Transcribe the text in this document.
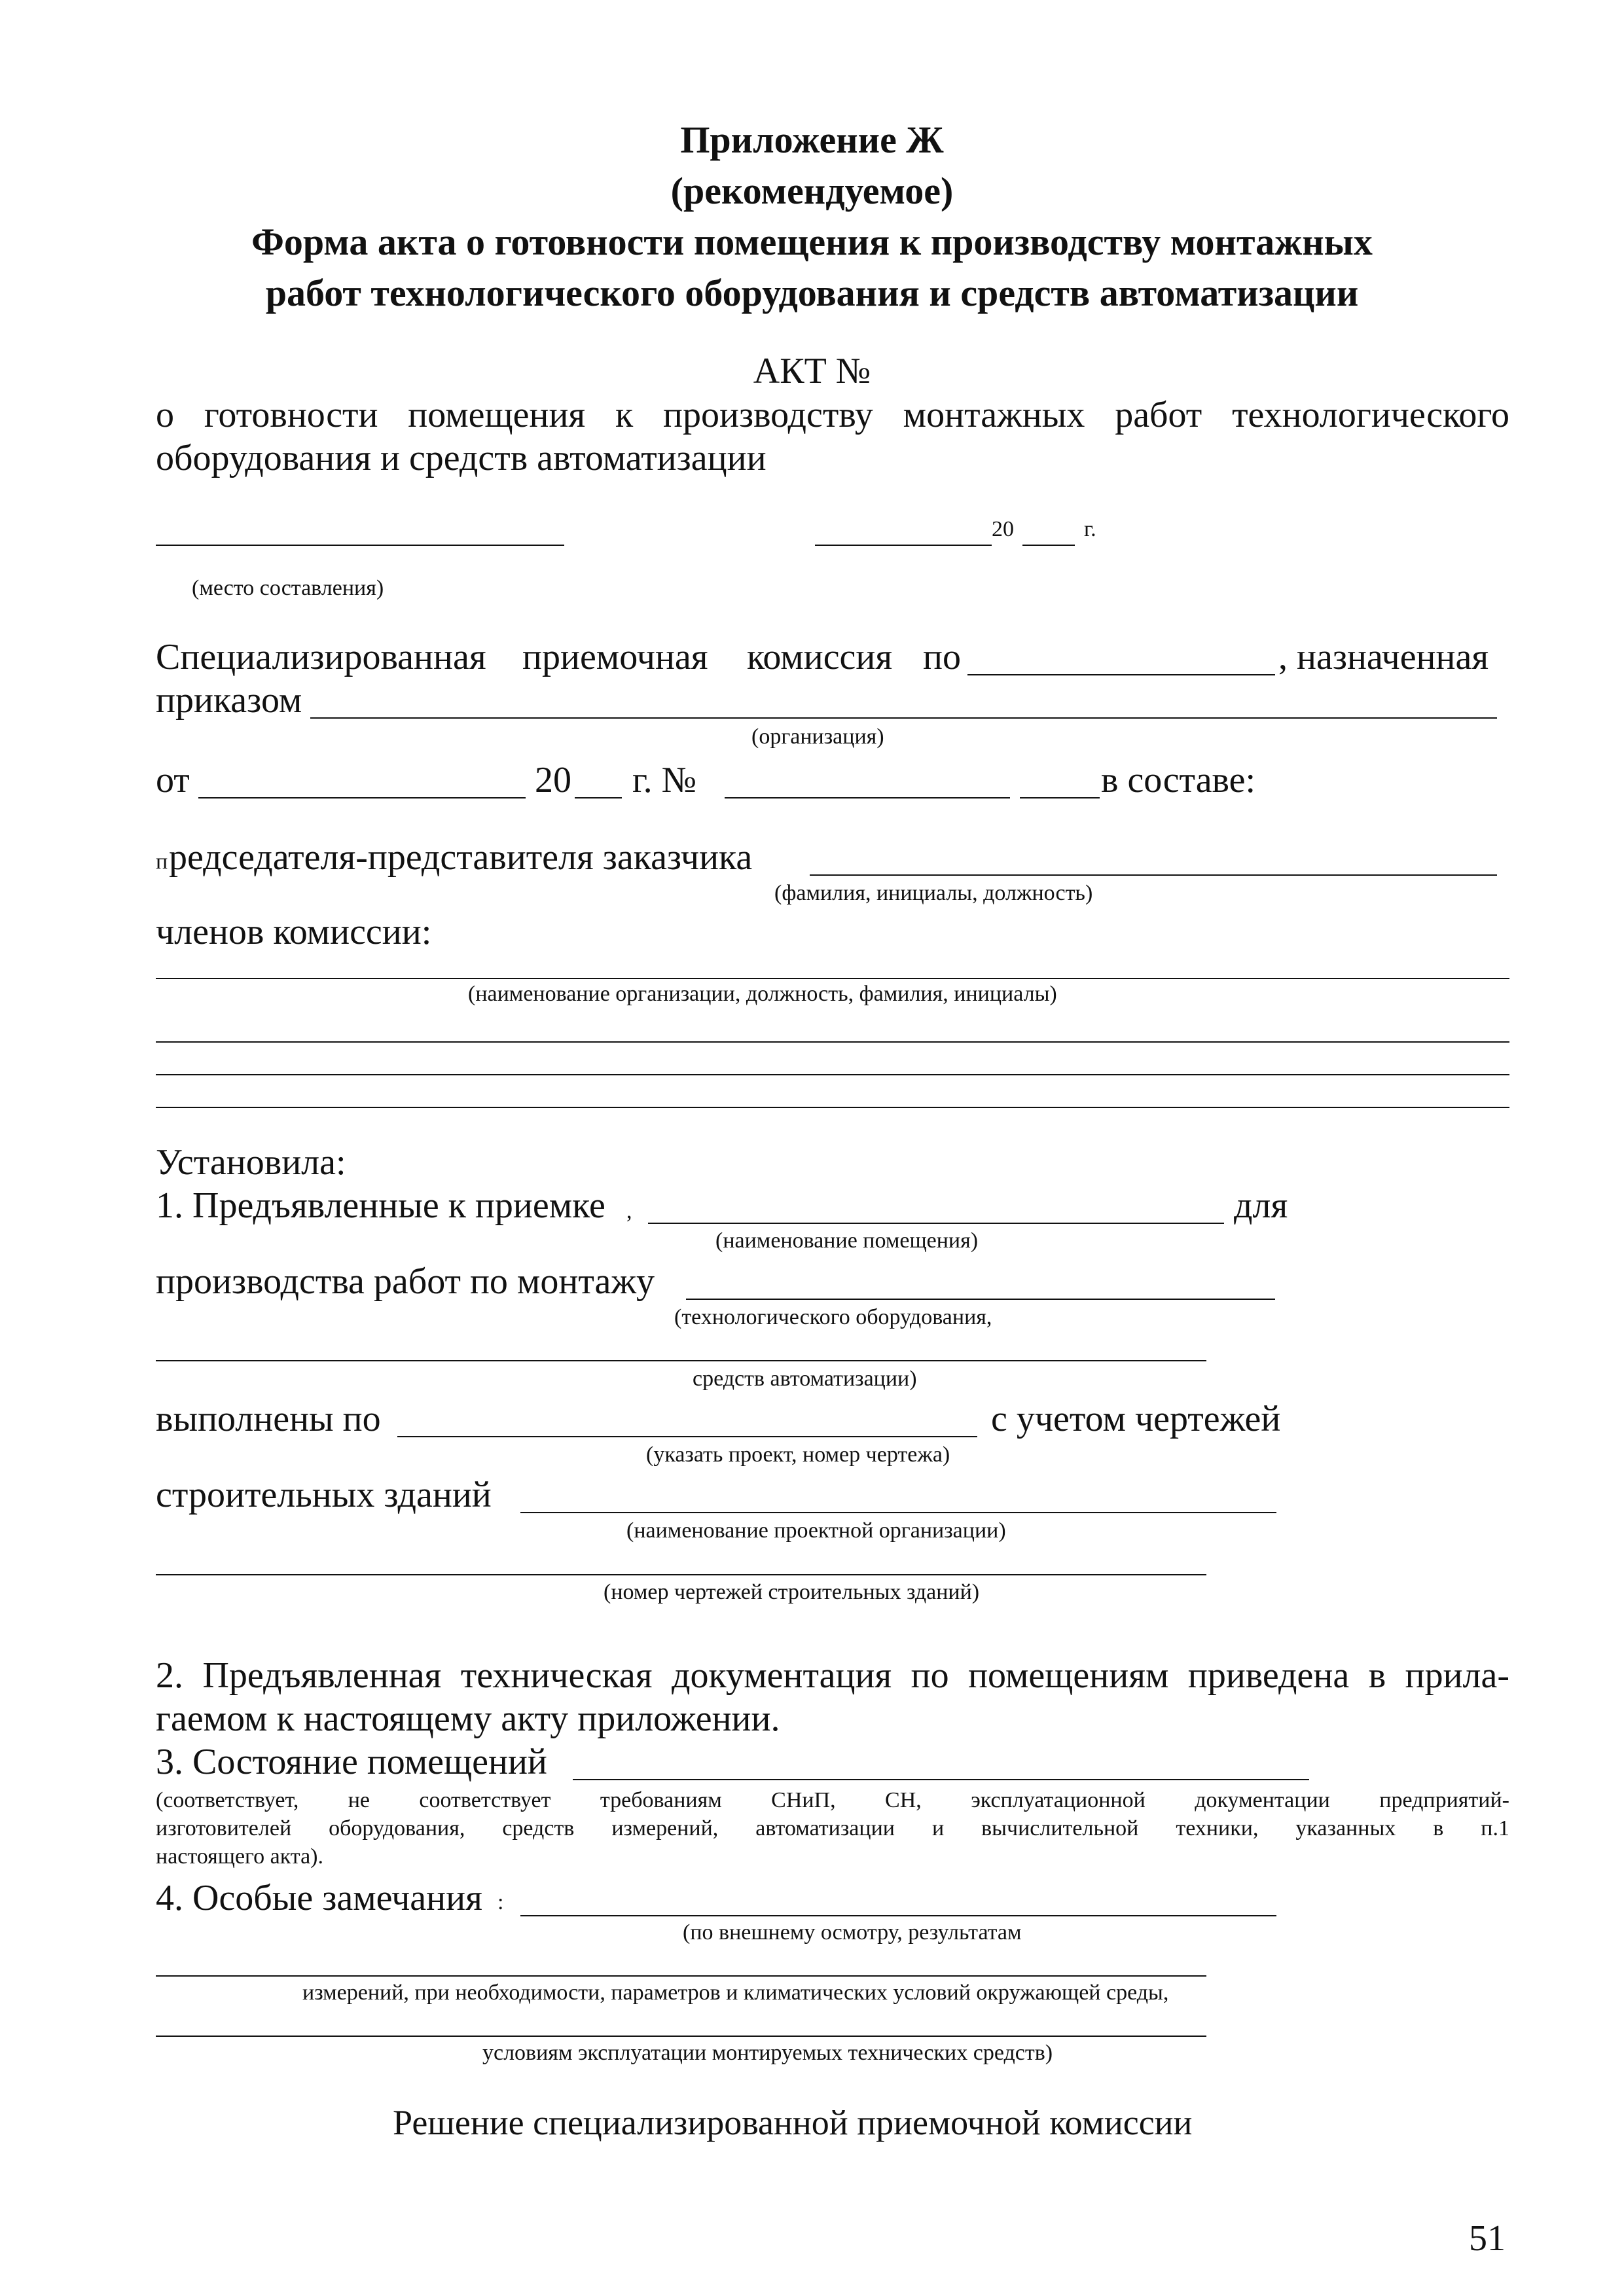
Приложение Ж
(рекомендуемое)
Форма акта о готовности помещения к производству монтажных
работ технологического оборудования и средств автоматизации
АКТ №
о готовности помещения к производству монтажных работ технологического
оборудования и средств автоматизации
20	г.
(место составления)
Специализированная приемочная комиссия по	, назначенная
приказом
(организация)
от	20 г. №	в составе:
п редседателя-представителя заказчика
(фамилия, инициалы, должность)
членов комиссии:
(наименование организации, должность, фамилия, инициалы)
Установила:
1. Предъявленные к приемке ,	для
(наименование помещения)
производства работ по монтажу
(технологического оборудования,
средств автоматизации)
выполнены по	с учетом чертежей
(указать проект, номер чертежа)
строительных зданий
(наименование проектной организации)
(номер чертежей строительных зданий)
2. Предъявленная техническая документация по помещениям приведена в прила-
гаемом к настоящему акту приложении.
3. Состояние помещений
(соответствует, не соответствует требованиям СНиП, СН, эксплуатационной документации предприятий-
изготовителей оборудования, средств измерений, автоматизации и вычислительной техники, указанных в п.1
настоящего акта).
4. Особые замечания :
(по внешнему осмотру, результатам
измерений, при необходимости, параметров и климатических условий окружающей среды,
условиям эксплуатации монтируемых технических средств)
Решение специализированной приемочной комиссии
51
